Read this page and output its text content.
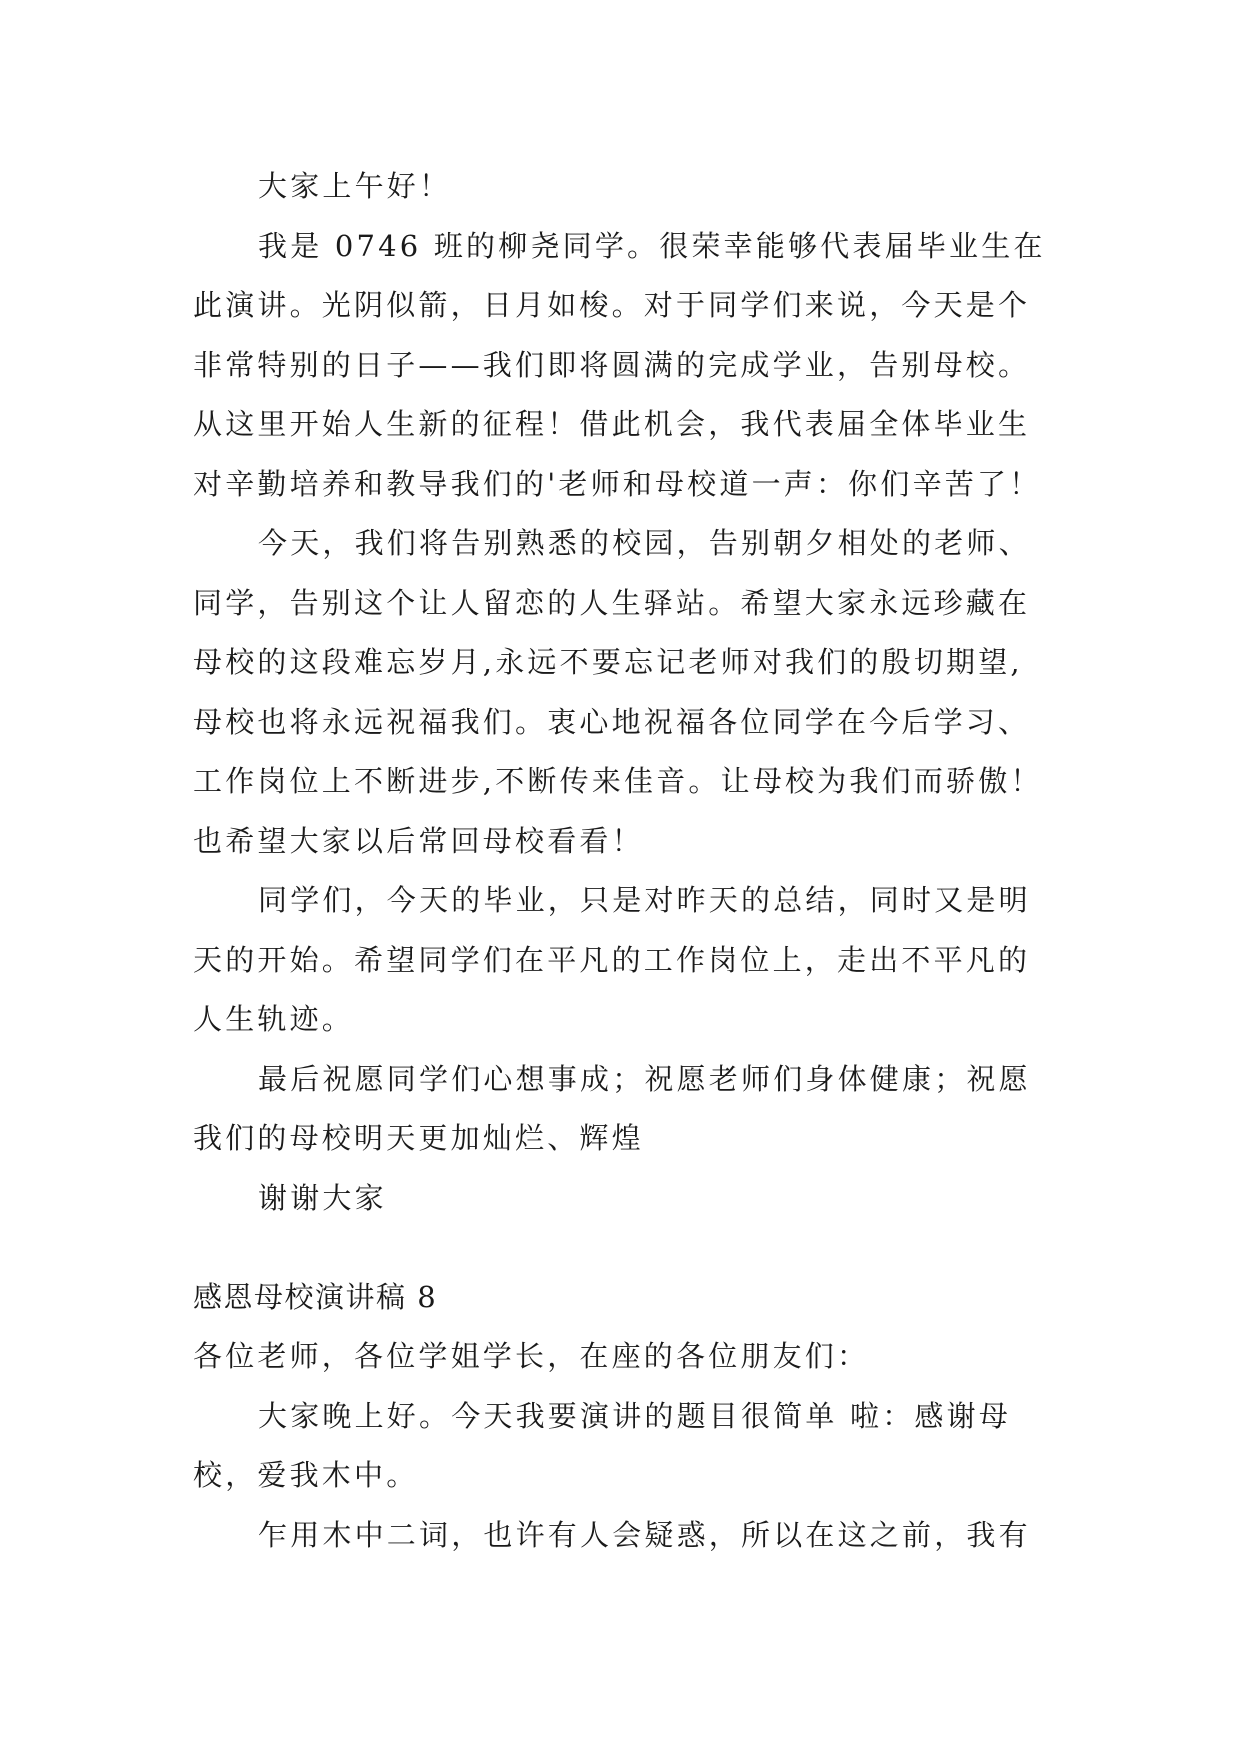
大家上午好！
我是 0746 班的柳尧同学。很荣幸能够代表届毕业生在
此演讲。光阴似箭，日月如梭。对于同学们来说，今天是个
非常特别的日子——我们即将圆满的完成学业，告别母校。
从这里开始人生新的征程！借此机会，我代表届全体毕业生
对辛勤培养和教导我们的'老师和母校道一声：你们辛苦了！
今天，我们将告别熟悉的校园，告别朝夕相处的老师、
同学，告别这个让人留恋的人生驿站。希望大家永远珍藏在
母校的这段难忘岁月,永远不要忘记老师对我们的殷切期望,
母校也将永远祝福我们。衷心地祝福各位同学在今后学习、
工作岗位上不断进步,不断传来佳音。让母校为我们而骄傲！
也希望大家以后常回母校看看！
同学们，今天的毕业，只是对昨天的总结，同时又是明
天的开始。希望同学们在平凡的工作岗位上，走出不平凡的
人生轨迹。
最后祝愿同学们心想事成；祝愿老师们身体健康；祝愿
我们的母校明天更加灿烂、辉煌
谢谢大家
感恩母校演讲稿 8
各位老师，各位学姐学长，在座的各位朋友们：
大家晚上好。今天我要演讲的题目很简单 啦：感谢母
校，爱我木中。
乍用木中二词，也许有人会疑惑，所以在这之前，我有
